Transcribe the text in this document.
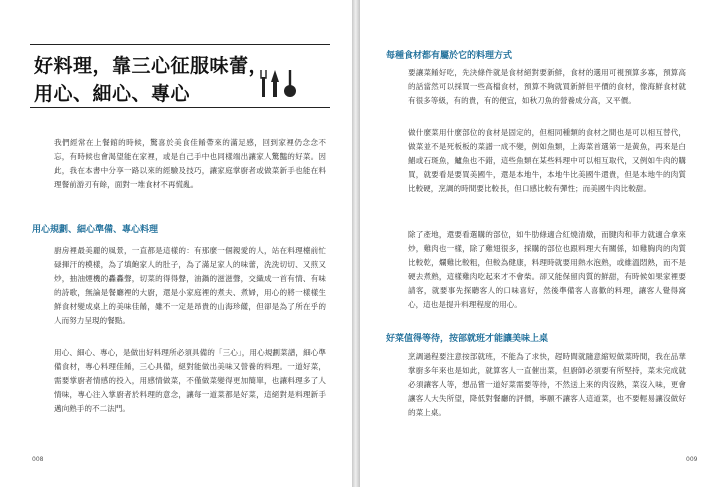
好料理，靠三心征服味蕾，
用心、細心、專心

我們經常在上餐館的時候，驚喜於美食佳餚帶來的滿足感，回到家裡仍念念不忘，有時候也會渴望能在家裡，或是自己手中也同樣端出讓家人驚豔的好菜。因此，我在本書中分享一路以來的經驗及技巧，讓家庭掌廚者或做菜新手也能在料理餐前游刃有餘，面對一堆食材不再慌亂。

用心規劃、細心準備、專心料理

廚房裡最美麗的風景，一直都是這樣的：有那麼一個親愛的人，站在料理檯前忙碌揮汗的模樣，為了填飽家人的肚子，為了滿足家人的味蕾，洗洗切切、又煎又炒，抽油煙機的轟轟聲，切菜的得得聲，油鍋的滋滋聲，交織成一首有情、有味的詩歌，無論是餐廳裡的大廚，還是小家庭裡的煮夫、煮婦，用心的將一樣樣生鮮食材變成桌上的美味佳餚，雖不一定是昂貴的山海珍饈，但卻是為了所在乎的人而努力呈現的餐點。

用心、細心、專心，是做出好料理所必須具備的「三心」，用心規劃菜譜，細心準備食材，專心料理佳餚，三心具備，絕對能做出美味又營養的料理。一道好菜，需要掌廚者情感的投入，用感情做菜，不僅做菜變得更加簡單，也讓料理多了人情味，專心注入掌廚者於料理的意念，讓每一道菜都是好菜，這絕對是料理新手邁向熟手的不二法門。

008
每種食材都有屬於它的料理方式

要讓菜餚好吃，先決條件就是食材絕對要新鮮，食材的選用可視預算多寡，預算高的話當然可以採買一些高檔食材，預算不夠就買新鮮但平價的食材，像海鮮食材就有很多等級，有的貴，有的便宜，如秋刀魚的營養成分高，又平價。

做什麼菜用什麼部位的食材是固定的，但相同種類的食材之間也是可以相互替代，做菜並不是死板板的菜譜一成不變，例如魚類，上海菜首選第一是黃魚，再來是白鯧或石斑魚，鱸魚也不錯，這些魚類在某些料理中可以相互取代，又例如牛肉的購買，就要看是要買美國牛，還是本地牛，本地牛比美國牛還貴，但是本地牛的肉質比較硬，烹調的時間要比較長，但口感比較有彈性；而美國牛肉比較甜。

除了產地，還要看選購的部位，如牛肋條適合紅燒清燉，而腱肉和菲力就適合拿來炒，雞肉也一樣，除了雞翅很多，採購的部位也跟料理大有關係，如雞胸肉的肉質比較乾，爛雞比較粗，但較為健康，料理時就要用熱水泡熟，或維溫悶熟，而不是硬去煮熟，這樣雞肉吃起來才不會柴。卻又能保留肉質的鮮甜，有時候如果家裡要請客，就要事先探聽客人的口味喜好，然後準備客人喜歡的料理，讓客人覺得窩心，這也是提升料理程度的用心。

好菜值得等待，按部就班才能讓美味上桌

烹調過程要注意按部就班，不能為了求快，趕時間就隨意縮短做菜時間，我在品華掌廚多年來也是如此，就算客人一直催出菜，但廚師必須要有所堅持，菜未完成就必須讓客人等，想品嘗一道好菜需要等待，不然送上來的肉沒熟，菜沒入味，更會讓客人大失所望，降低對餐廳的評價，寧願不讓客人這道菜，也不要輕易讓沒做好的菜上桌。

009
